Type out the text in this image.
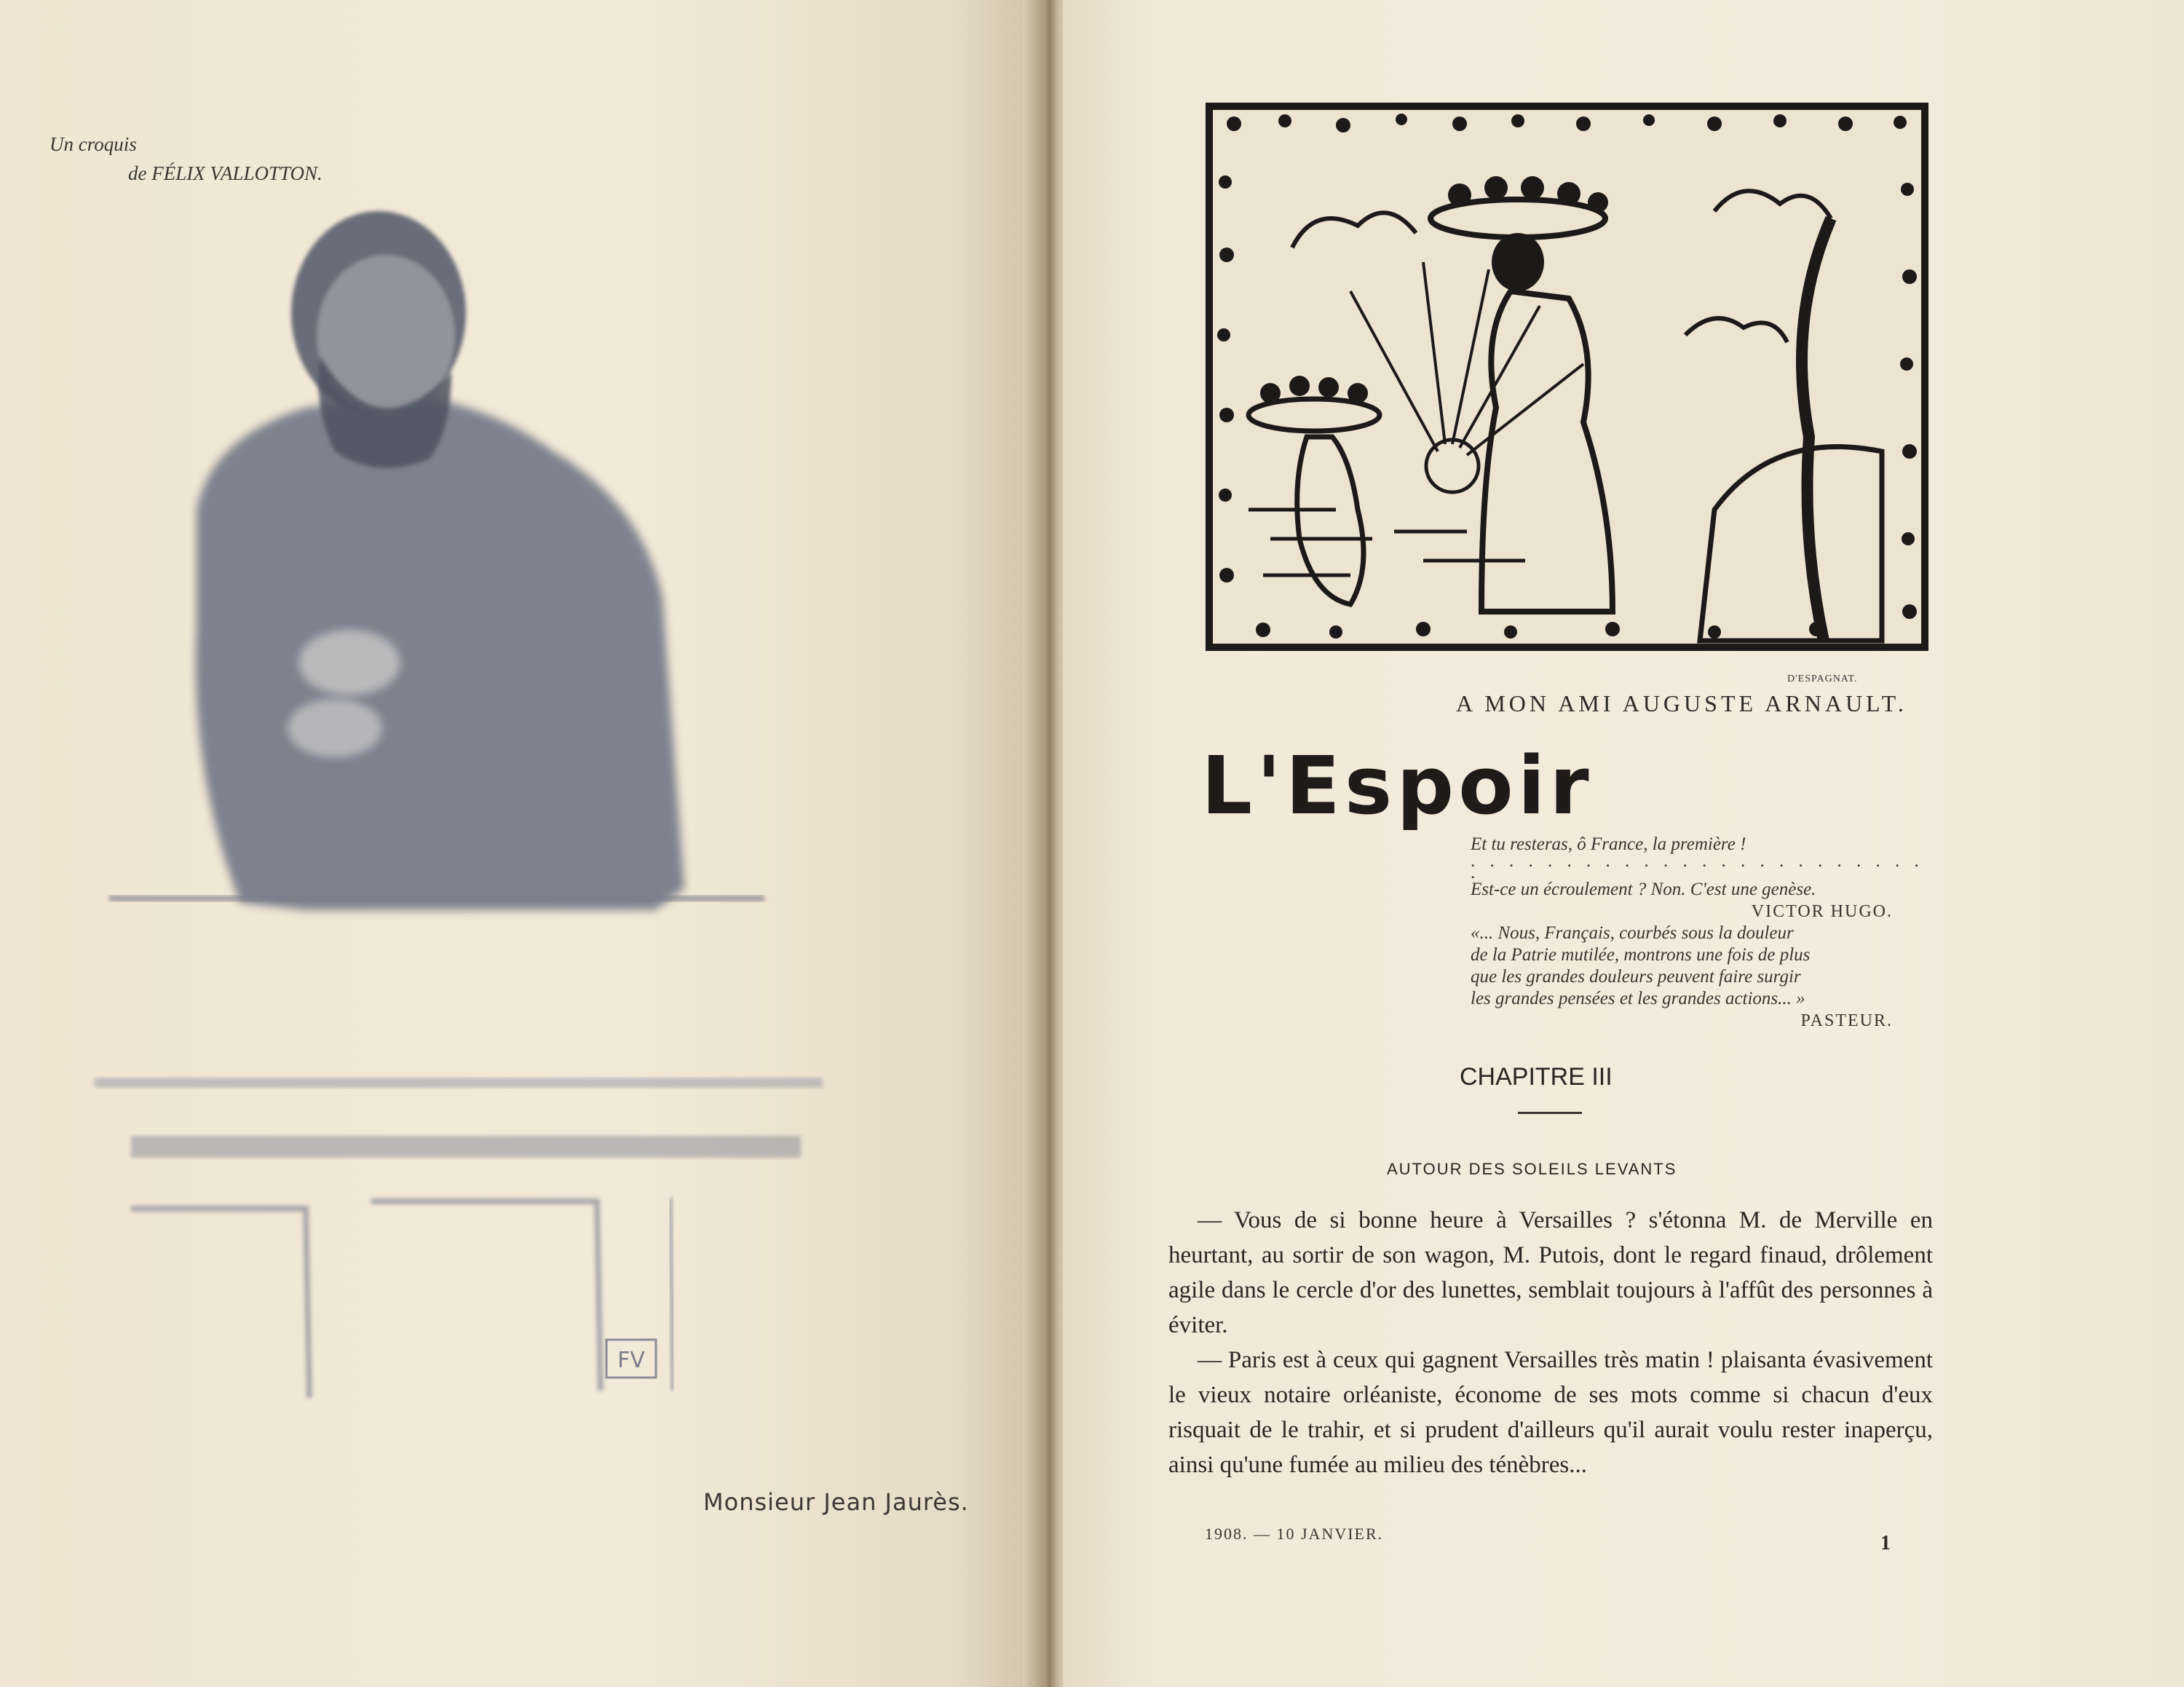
Un croquis
de FÉLIX VALLOTTON.
FV
Monsieur Jean Jaurès.
D'ESPAGNAT.
A MON AMI AUGUSTE ARNAULT.
L'Espoir
Et tu resteras, ô France, la première !
. . . . . . . . . . . . . . . . . . . . . . . . .
Est-ce un écroulement ? Non. C'est une genèse.
VICTOR HUGO.
«... Nous, Français, courbés sous la douleur
de la Patrie mutilée, montrons une fois de plus
que les grandes douleurs peuvent faire surgir
les grandes pensées et les grandes actions... »
PASTEUR.
CHAPITRE III
AUTOUR DES SOLEILS LEVANTS

— Vous de si bonne heure à Versailles ? s'étonna M. de Merville en heurtant, au sortir de son wagon, M. Putois, dont le regard finaud, drôlement agile dans le cercle d'or des lunettes, semblait toujours à l'affût des personnes à éviter.

— Paris est à ceux qui gagnent Versailles très matin ! plaisanta évasivement le vieux notaire orléaniste, économe de ses mots comme si chacun d'eux risquait de le trahir, et si prudent d'ailleurs qu'il aurait voulu rester inaperçu, ainsi qu'une fumée au milieu des ténèbres...

1908. — 10 JANVIER.	1
